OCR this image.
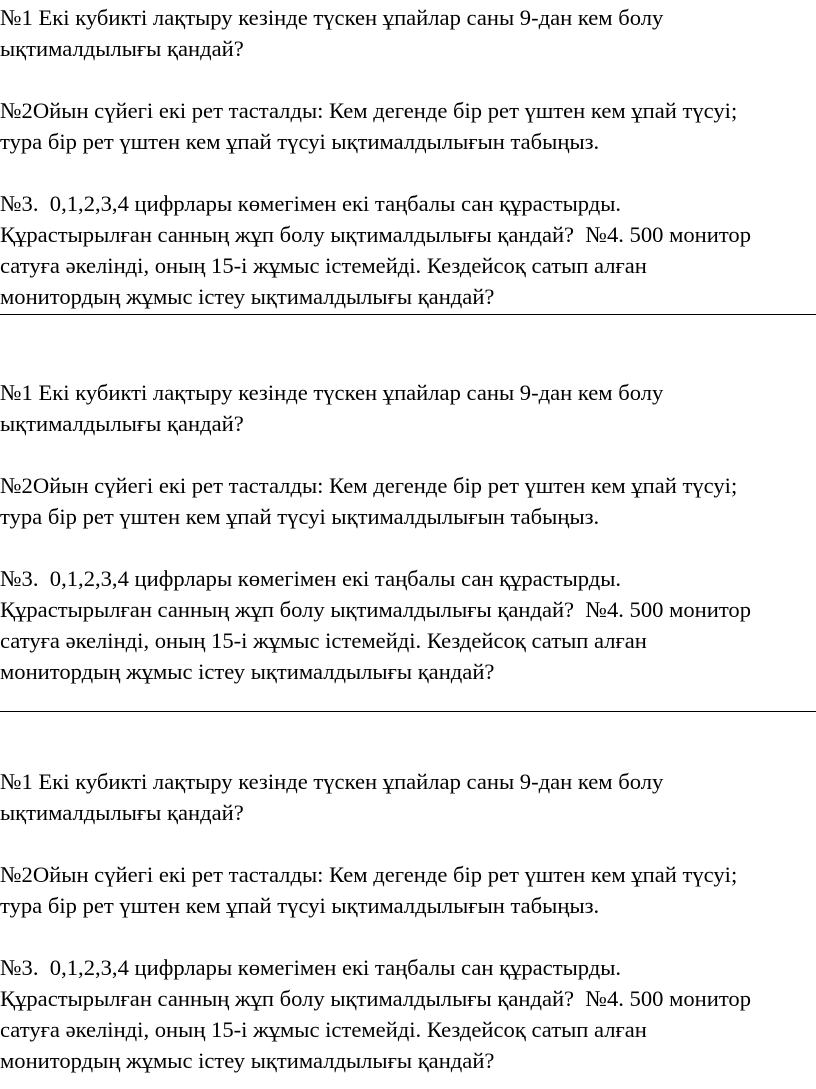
№1 Екі кубикті лақтыру кезінде түскен ұпайлар саны 9-дан кем болу
ықтималдылығы қандай?
№2Ойын сүйегі екі рет тасталды: Кем дегенде бір рет үштен кем ұпай түсуі;
тура бір рет үштен кем ұпай түсуі ықтималдылығын табыңыз.
№3.  0,1,2,3,4 цифрлары көмегімен екі таңбалы сан құрастырды.
Құрастырылған санның жұп болу ықтималдылығы қандай?  №4. 500 монитор
сатуға әкелінді, оның 15-і жұмыс істемейді. Кездейсоқ сатып алған
монитордың жұмыс істеу ықтималдылығы қандай?
№1 Екі кубикті лақтыру кезінде түскен ұпайлар саны 9-дан кем болу
ықтималдылығы қандай?
№2Ойын сүйегі екі рет тасталды: Кем дегенде бір рет үштен кем ұпай түсуі;
тура бір рет үштен кем ұпай түсуі ықтималдылығын табыңыз.
№3.  0,1,2,3,4 цифрлары көмегімен екі таңбалы сан құрастырды.
Құрастырылған санның жұп болу ықтималдылығы қандай?  №4. 500 монитор
сатуға әкелінді, оның 15-і жұмыс істемейді. Кездейсоқ сатып алған
монитордың жұмыс істеу ықтималдылығы қандай?
№1 Екі кубикті лақтыру кезінде түскен ұпайлар саны 9-дан кем болу
ықтималдылығы қандай?
№2Ойын сүйегі екі рет тасталды: Кем дегенде бір рет үштен кем ұпай түсуі;
тура бір рет үштен кем ұпай түсуі ықтималдылығын табыңыз.
№3.  0,1,2,3,4 цифрлары көмегімен екі таңбалы сан құрастырды.
Құрастырылған санның жұп болу ықтималдылығы қандай?  №4. 500 монитор
сатуға әкелінді, оның 15-і жұмыс істемейді. Кездейсоқ сатып алған
монитордың жұмыс істеу ықтималдылығы қандай?
